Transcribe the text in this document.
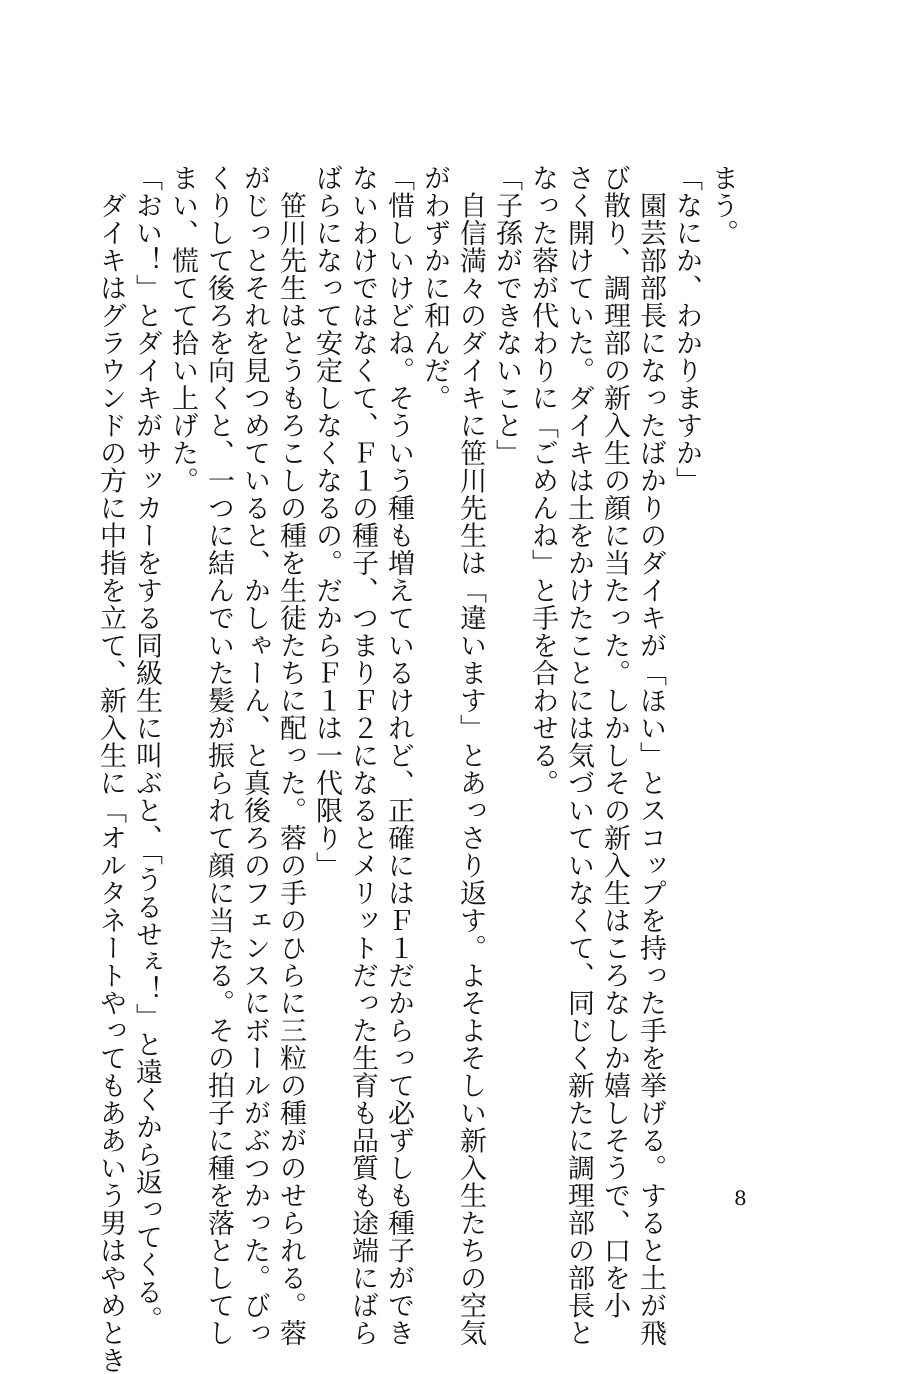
まう。
「なにか、わかりますか」
　園芸部部長になったばかりのダイキが「ほい」とスコップを持った手を挙げる。すると土が飛
び散り、調理部の新入生の顔に当たった。しかしその新入生はころなしか嬉しそうで、口を小
さく開けていた。ダイキは土をかけたことには気づいていなくて、同じく新たに調理部の部長と
なった蓉が代わりに「ごめんね」と手を合わせる。
「子孫ができないこと」
　自信満々のダイキに笹川先生は「違います」とあっさり返す。よそよそしい新入生たちの空気
がわずかに和んだ。
「惜しいけどね。そういう種も増えているけれど、正確にはＦ１だからって必ずしも種子ができ
ないわけではなくて、Ｆ１の種子、つまりＦ２になるとメリットだった生育も品質も途端にばら
ばらになって安定しなくなるの。だからＦ１は一代限り」
　笹川先生はとうもろこしの種を生徒たちに配った。蓉の手のひらに三粒の種がのせられる。蓉
がじっとそれを見つめていると、かしゃーん、と真後ろのフェンスにボールがぶつかった。びっ
くりして後ろを向くと、一つに結んでいた髪が振られて顔に当たる。その拍子に種を落としてし
まい、慌てて拾い上げた。
「おい！」とダイキがサッカーをする同級生に叫ぶと、「うるせぇ！」と遠くから返ってくる。
　ダイキはグラウンドの方に中指を立て、新入生に「オルタネートやってもああいう男はやめとき	8
